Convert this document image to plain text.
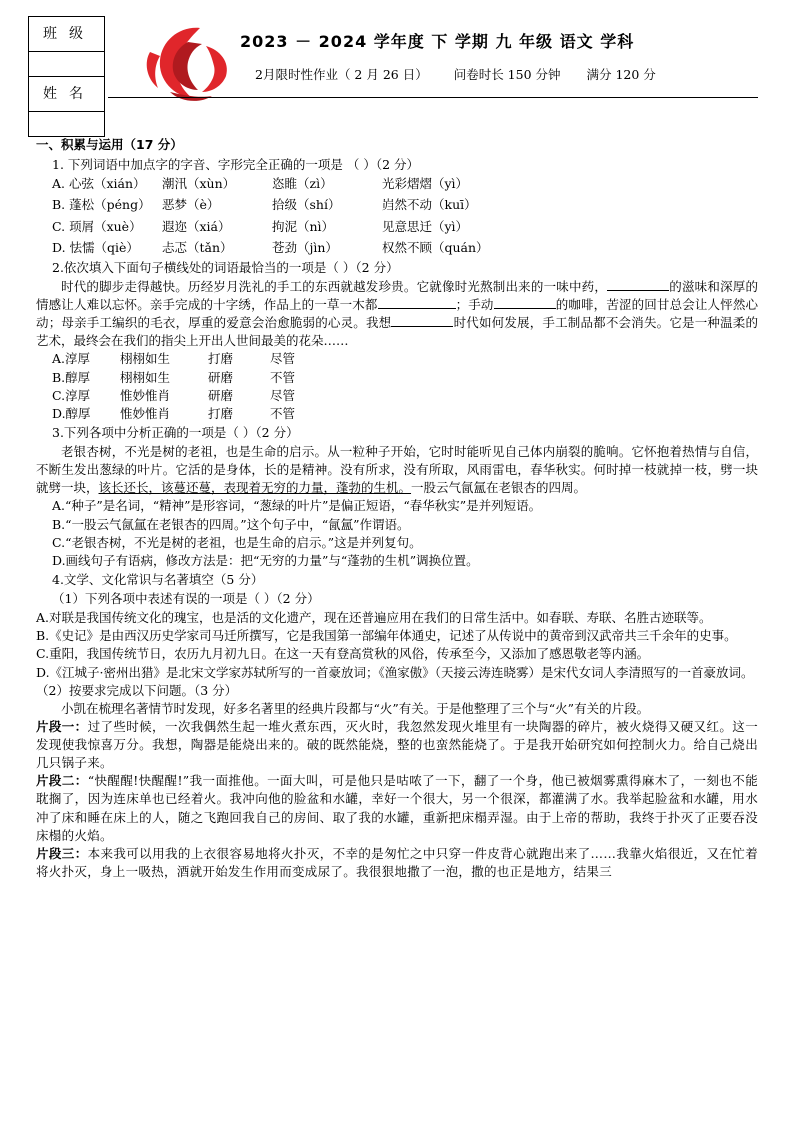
班级

姓名

2023 － 2024 学年度 下 学期 九 年级 语文 学科
2月限时性作业（ 2 月 26 日） 问卷时长 150 分钟 满分 120 分
一、积累与运用（17 分）
1. 下列词语中加点字的字音、字形完全正确的一项是 （ ）（2 分）
A. 心弦（xián）	潮汛（xùn）	恣睢（zì）	光彩熠熠（yì）
B. 蓬松（péng） 恶梦（è）	拾级（shí）	岿然不动（kuī）
C. 顼屑（xuè）	遐迩（xiá）	拘泥（nì）	见意思迁（yì）
D. 怯懦（qiè）	忐忑（tǎn）	苍劲（jìn）	权然不顾（quán）
2.依次填入下面句子横线处的词语最恰当的一项是（ ）（2 分）

时代的脚步走得越快。历经岁月洗礼的手工的东西就越发珍贵。它就像时光熬制出来的一味中药，	的滋味和深厚的情感让人难以忘怀。亲手完成的十字绣，作品上的一草一木都	；手动	的咖啡，苦涩的回甘总会让人怦然心动；母亲手工编织的毛衣，厚重的爱意会治愈脆弱的心灵。我想	时代如何发展，手工制品都不会消失。它是一种温柔的艺术，最终会在我们的指尖上开出人世间最美的花朵……

A.淳厚	栩栩如生	打磨	尽管
B.醇厚	栩栩如生	研磨	不管
C.淳厚	惟妙惟肖	研磨	尽管
D.醇厚	惟妙惟肖	打磨	不管
3.下列各项中分析正确的一项是（ ）（2 分）

老银杏树，不光是树的老祖，也是生命的启示。从一粒种子开始，它时时能听见自己体内崩裂的脆响。它怀抱着热情与自信，不断生发出葱绿的叶片。它活的是身体，长的是精神。没有所求，没有所取，风雨雷电，春华秋实。何时掉一枝就掉一枝，劈一块就劈一块，该长还长，该蔓还蔓，表现着无穷的力量，蓬勃的生机。一股云气氤氲在老银杏的四周。

A.“种子”是名词，“精神”是形容词，“葱绿的叶片”是偏正短语，“春华秋实”是并列短语。
B.“一股云气氤氲在老银杏的四周。”这个句子中，“氤氲”作谓语。
C.“老银杏树，不光是树的老祖，也是生命的启示。”这是并列复句。
D.画线句子有语病，修改方法是：把“无穷的力量”与“蓬勃的生机”调换位置。
4.文学、文化常识与名著填空（5 分）
（1）下列各项中表述有误的一项是（ ）（2 分）

A.对联是我国传统文化的瑰宝，也是活的文化遗产，现在还普遍应用在我们的日常生活中。如春联、寿联、名胜古迹联等。

B.《史记》是由西汉历史学家司马迁所撰写，它是我国第一部编年体通史，记述了从传说中的黄帝到汉武帝共三千余年的史事。

C.重阳，我国传统节日，农历九月初九日。在这一天有登高赏秋的风俗，传承至今，又添加了感恩敬老等内涵。

D.《江城子·密州出猎》是北宋文学家苏轼所写的一首豪放词；《渔家傲》（天接云涛连晓雾）是宋代女词人李清照写的一首豪放词。

（2）按要求完成以下问题。（3 分）

小凯在梳理名著情节时发现，好多名著里的经典片段都与“火”有关。于是他整理了三个与“火”有关的片段。

片段一：过了些时候，一次我偶然生起一堆火煮东西，灭火时，我忽然发现火堆里有一块陶器的碎片，被火烧得又硬又红。这一发现使我惊喜万分。我想，陶器是能烧出来的。破的既然能烧，整的也蛮然能烧了。于是我开始研究如何控制火力。给自己烧出几只锅子来。

片段二：“快醒醒!快醒醒!”我一面推他。一面大叫，可是他只是咕哝了一下，翻了一个身，他已被烟雾熏得麻木了，一刻也不能耽搁了，因为连床单也已经着火。我冲向他的脸盆和水罐，幸好一个很大，另一个很深，都灌满了水。我举起脸盆和水罐，用水冲了床和睡在床上的人，随之飞跑回我自己的房间、取了我的水罐，重新把床榻弄湿。由于上帝的帮助，我终于扑灭了正要吞没床榻的火焰。

片段三：本来我可以用我的上衣很容易地将火扑灭，不幸的是匆忙之中只穿一件皮背心就跑出来了……我靠火焰很近，又在忙着将火扑灭，身上一吸热，酒就开始发生作用而变成尿了。我很狠地撒了一泡，撒的也正是地方，结果三
